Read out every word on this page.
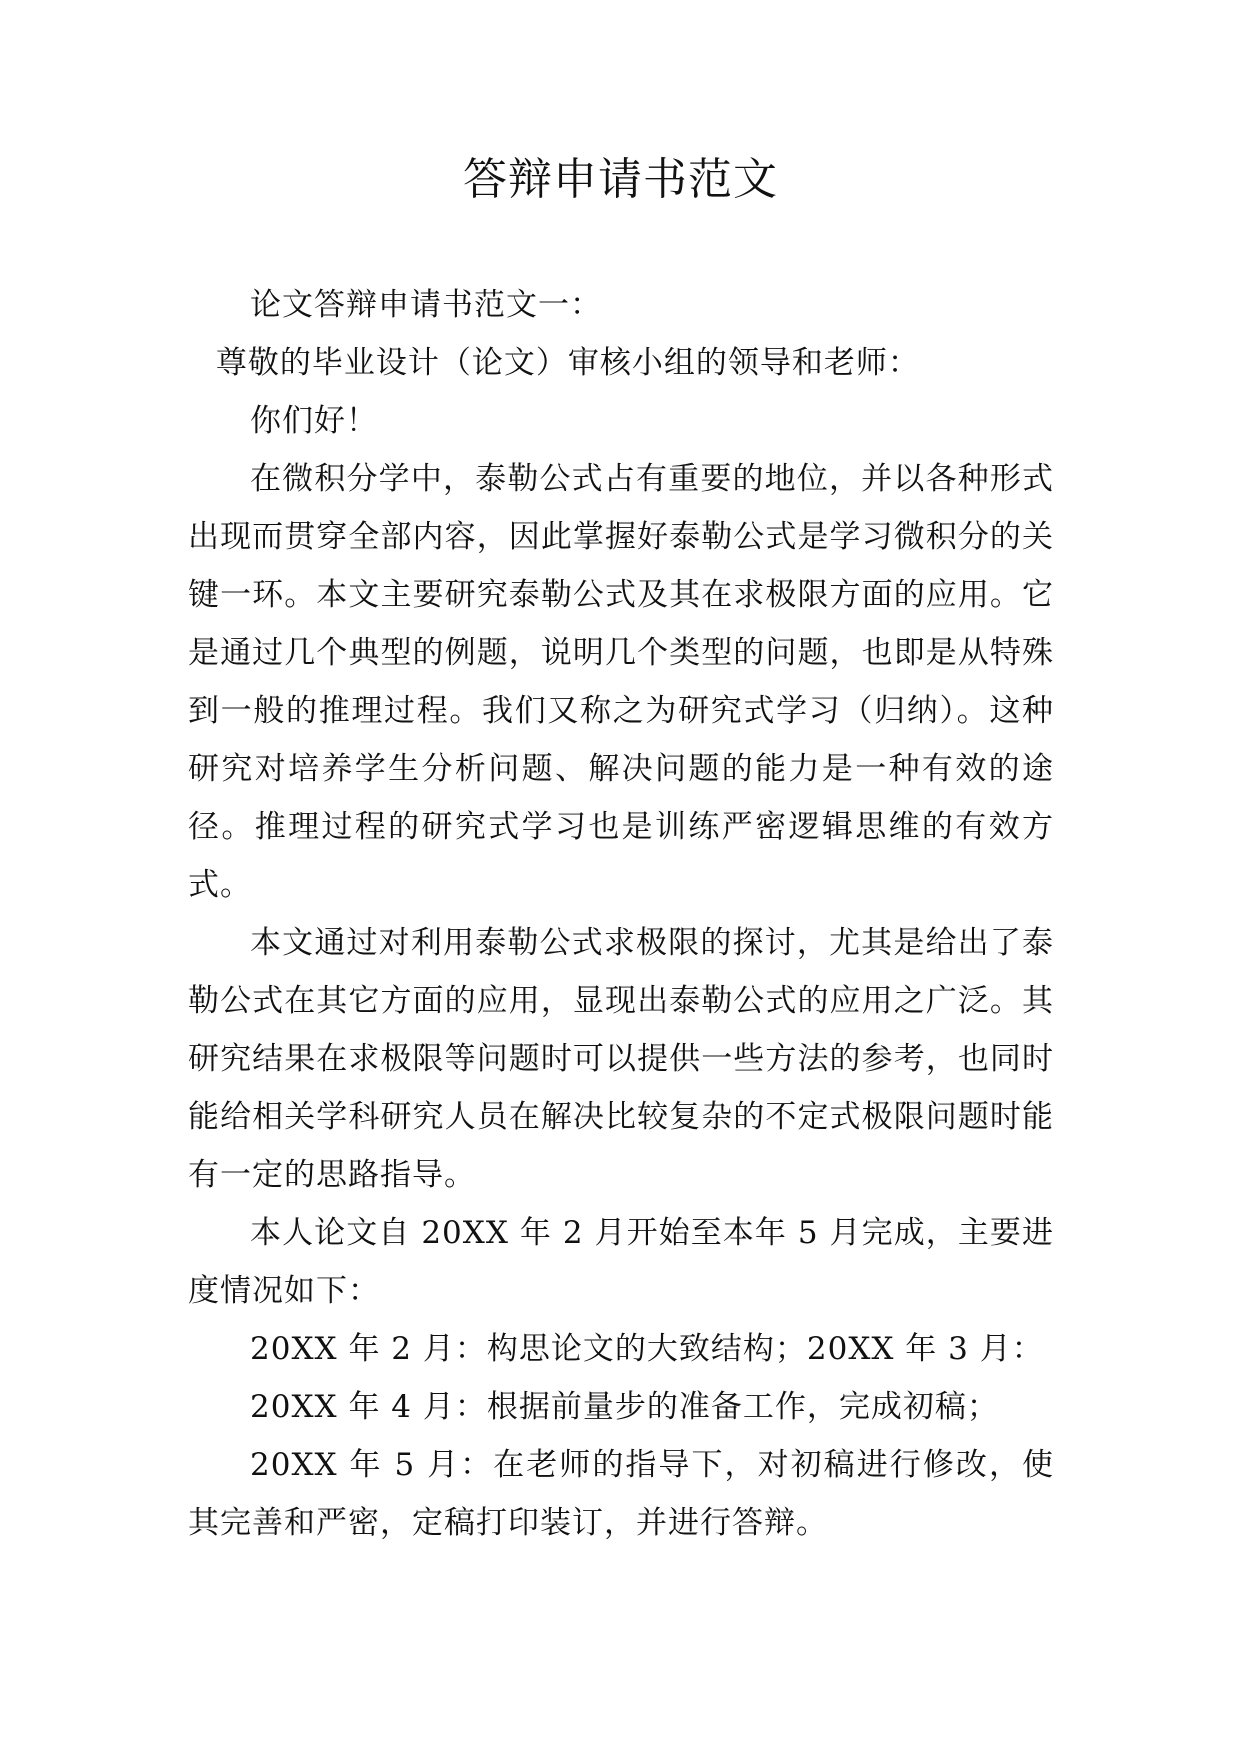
答辩申请书范文

论文答辩申请书范文一：

尊敬的毕业设计（论文）审核小组的领导和老师：

你们好！

在微积分学中，泰勒公式占有重要的地位，并以各种形式出现而贯穿全部内容，因此掌握好泰勒公式是学习微积分的关键一环。本文主要研究泰勒公式及其在求极限方面的应用。它是通过几个典型的例题，说明几个类型的问题，也即是从特殊到一般的推理过程。我们又称之为研究式学习（归纳）。这种研究对培养学生分析问题、解决问题的能力是一种有效的途径。推理过程的研究式学习也是训练严密逻辑思维的有效方式。

本文通过对利用泰勒公式求极限的探讨，尤其是给出了泰勒公式在其它方面的应用，显现出泰勒公式的应用之广泛。其研究结果在求极限等问题时可以提供一些方法的参考，也同时能给相关学科研究人员在解决比较复杂的不定式极限问题时能有一定的思路指导。

本人论文自 20XX 年 2 月开始至本年 5 月完成，主要进度情况如下：

20XX 年 2 月：构思论文的大致结构；20XX 年 3 月：

20XX 年 4 月：根据前量步的准备工作，完成初稿；

20XX 年 5 月：在老师的指导下，对初稿进行修改，使其完善和严密，定稿打印装订，并进行答辩。
